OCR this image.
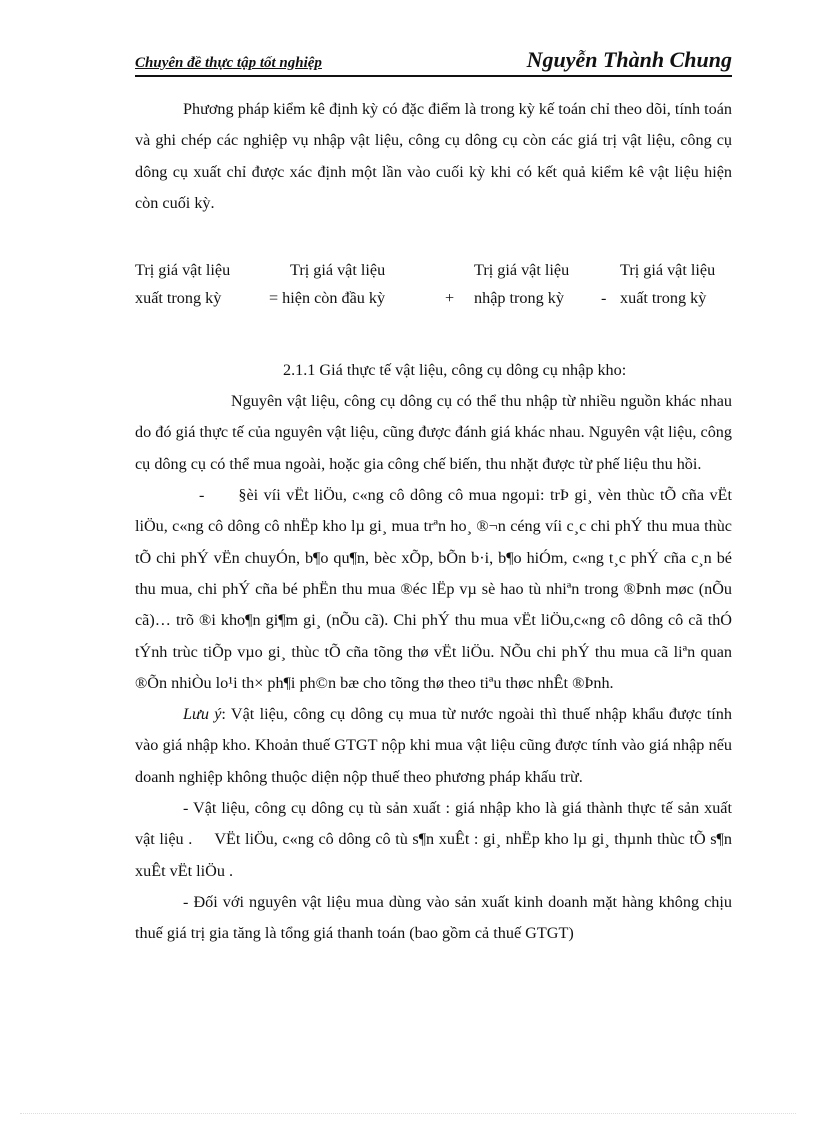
Chuyên đề thực tập tốt nghiệp	Nguyễn Thành Chung

Phương pháp kiểm kê định kỳ có đặc điểm là trong kỳ kế toán chỉ theo dõi, tính toán và ghi chép các nghiệp vụ nhập vật liệu, công cụ dông cụ còn các giá trị vật liệu, công cụ dông cụ xuất chỉ được xác định một lần vào cuối kỳ khi có kết quả kiểm kê vật liệu hiện còn cuối kỳ.

Trị giá vật liệu	Trị giá vật liệu	Trị giá vật liệu	Trị giá vật liệu
xuất trong kỳ	= hiện còn đầu kỳ	+ nhập trong kỳ - xuất trong kỳ

2.1.1 Giá thực tế vật liệu, công cụ dông cụ nhập kho:

Nguyên vật liệu, công cụ dông cụ có thể thu nhập từ nhiều nguồn khác nhau do đó giá thực tế của nguyên vật liệu, cũng được đánh giá khác nhau. Nguyên vật liệu, công cụ dông cụ có thể mua ngoài, hoặc gia công chế biến, thu nhặt được từ phế liệu thu hồi.

- §èi víi vËt liÖu, c«ng cô dông cô mua ngoµi: trÞ gi¸ vèn thùc tÕ cña vËt liÖu, c«ng cô dông cô nhËp kho lµ gi¸ mua trªn ho¸ ®¬n céng víi c¸c chi phÝ thu mua thùc tÕ chi phÝ vËn chuyÓn, b¶o qu¶n, bèc xÕp, bÕn b·i, b¶o hiÓm, c«ng t¸c phÝ cña c¸n bé thu mua, chi phÝ cña bé phËn thu mua ®éc lËp vµ sè hao tù nhiªn trong ®Þnh møc (nÕu cã)… trõ ®i kho¶n gi¶m gi¸ (nÕu cã). Chi phÝ thu mua vËt liÖu,c«ng cô dông cô cã thÓ tÝnh trùc tiÕp vµo gi¸ thùc tÕ cña tõng thø vËt liÖu. NÕu chi phÝ thu mua cã liªn quan ®Õn nhiÒu lo¹i th× ph¶i ph©n bæ cho tõng thø theo tiªu thøc nhÊt ®Þnh.

Lưu ý: Vật liệu, công cụ dông cụ mua từ nước ngoài thì thuế nhập khẩu được tính vào giá nhập kho. Khoản thuế GTGT nộp khi mua vật liệu cũng được tính vào giá nhập nếu doanh nghiệp không thuộc diện nộp thuế theo phương pháp khấu trừ.

- Vật liệu, công cụ dông cụ tù sản xuất : giá nhập kho là giá thành thực tế sản xuất vật liệu . VËt liÖu, c«ng cô dông cô tù s¶n xuÊt : gi¸ nhËp kho lµ gi¸ thµnh thùc tÕ s¶n xuÊt vËt liÖu .

- Đối với nguyên vật liệu mua dùng vào sản xuất kinh doanh mặt hàng không chịu thuế giá trị gia tăng là tổng giá thanh toán (bao gồm cả thuế GTGT)
